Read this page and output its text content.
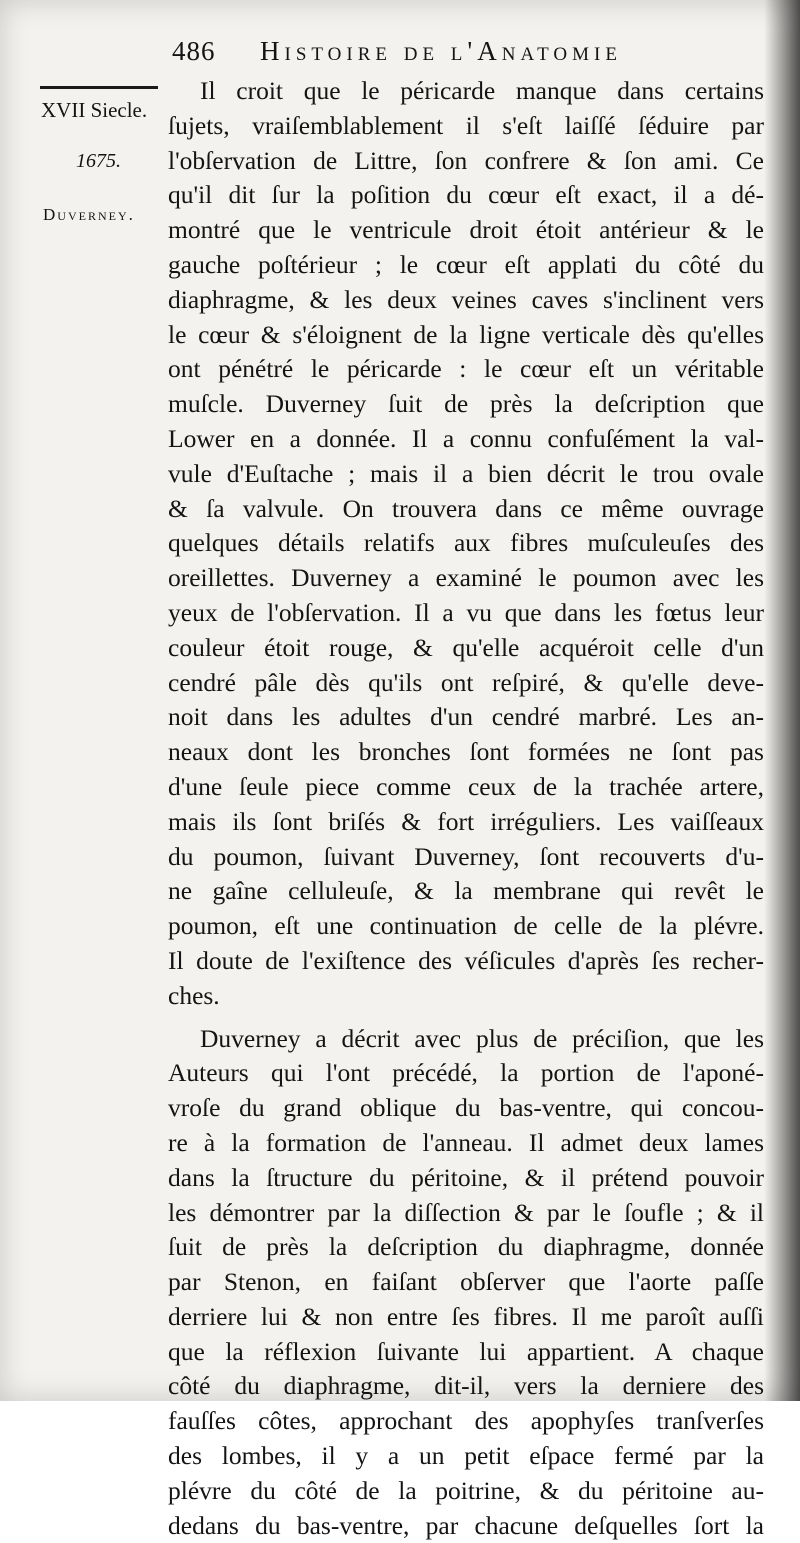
486 Histoire de l'Anatomie
XVII Siecle.
1675.
Duverney.
Il croit que le péricarde manque dans certains
ſujets, vraiſemblablement il s'eſt laiſſé ſéduire par
l'obſervation de Littre, ſon confrere & ſon ami. Ce
qu'il dit ſur la poſition du cœur eſt exact, il a dé-
montré que le ventricule droit étoit antérieur & le
gauche poſtérieur ; le cœur eſt applati du côté du
diaphragme, & les deux veines caves s'inclinent vers
le cœur & s'éloignent de la ligne verticale dès qu'elles
ont pénétré le péricarde : le cœur eſt un véritable
muſcle. Duverney ſuit de près la deſcription que
Lower en a donnée. Il a connu confuſément la val-
vule d'Euſtache ; mais il a bien décrit le trou ovale
& ſa valvule. On trouvera dans ce même ouvrage
quelques détails relatifs aux fibres muſculeuſes des
oreillettes. Duverney a examiné le poumon avec les
yeux de l'obſervation. Il a vu que dans les fœtus leur
couleur étoit rouge, & qu'elle acquéroit celle d'un
cendré pâle dès qu'ils ont reſpiré, & qu'elle deve-
noit dans les adultes d'un cendré marbré. Les an-
neaux dont les bronches ſont formées ne ſont pas
d'une ſeule piece comme ceux de la trachée artere,
mais ils ſont briſés & fort irréguliers. Les vaiſſeaux
du poumon, ſuivant Duverney, ſont recouverts d'u-
ne gaîne celluleuſe, & la membrane qui revêt le
poumon, eſt une continuation de celle de la plévre.
Il doute de l'exiſtence des véſicules d'après ſes recher-
ches.
Duverney a décrit avec plus de préciſion, que les
Auteurs qui l'ont précédé, la portion de l'aponé-
vroſe du grand oblique du bas-ventre, qui concou-
re à la formation de l'anneau. Il admet deux lames
dans la ſtructure du péritoine, & il prétend pouvoir
les démontrer par la diſſection & par le ſoufle ; & il
ſuit de près la deſcription du diaphragme, donnée
par Stenon, en faiſant obſerver que l'aorte paſſe
derriere lui & non entre ſes fibres. Il me paroît auſſi
que la réflexion ſuivante lui appartient. A chaque
côté du diaphragme, dit-il, vers la derniere des
fauſſes côtes, approchant des apophyſes tranſverſes
des lombes, il y a un petit eſpace fermé par la
plévre du côté de la poitrine, & du péritoine au-
dedans du bas-ventre, par chacune deſquelles ſort la
